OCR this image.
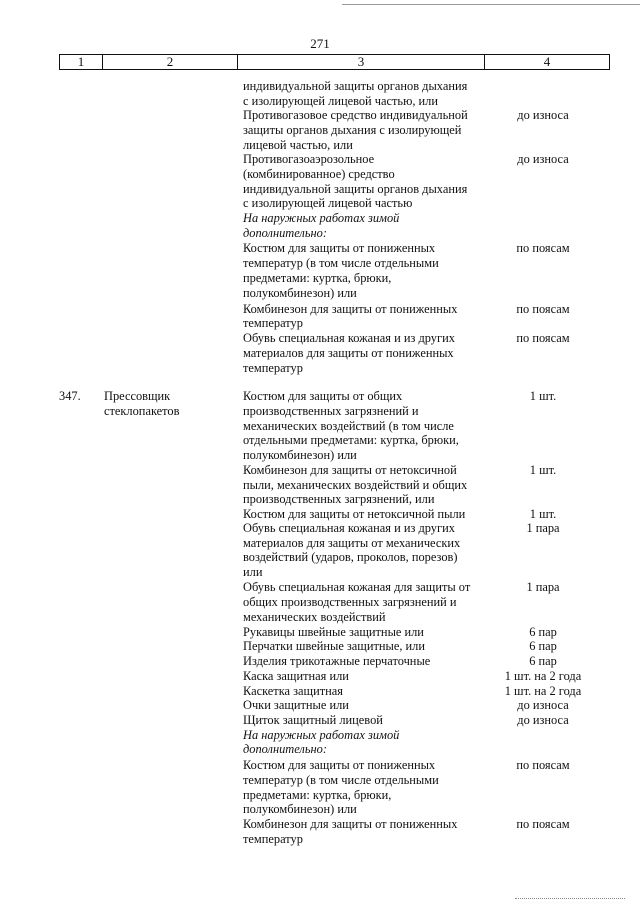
271
1	2	3	4
индивидуальной защиты органов дыхания
с изолирующей лицевой частью, или
Противогазовое средство индивидуальной	до износа
защиты органов дыхания с изолирующей
лицевой частью, или
Противогазоаэрозольное	до износа
(комбинированное) средство
индивидуальной защиты органов дыхания
с изолирующей лицевой частью
На наружных работах зимой
дополнительно:
Костюм для защиты от пониженных	по поясам
температур (в том числе отдельными
предметами: куртка, брюки,
полукомбинезон) или
Комбинезон для защиты от пониженных	по поясам
температур
Обувь специальная кожаная и из других	по поясам
материалов для защиты от пониженных
температур
347. Прессовщик
стеклопакетов
Костюм для защиты от общих	1 шт.
производственных загрязнений и
механических воздействий (в том числе
отдельными предметами: куртка, брюки,
полукомбинезон) или
Комбинезон для защиты от нетоксичной	1 шт.
пыли, механических воздействий и общих
производственных загрязнений, или
Костюм для защиты от нетоксичной пыли	1 шт.
Обувь специальная кожаная и из других	1 пара
материалов для защиты от механических
воздействий (ударов, проколов, порезов)
или
Обувь специальная кожаная для защиты от	1 пара
общих производственных загрязнений и
механических воздействий
Рукавицы швейные защитные или	6 пар
Перчатки швейные защитные, или	6 пар
Изделия трикотажные перчаточные	6 пар
Каска защитная или	1 шт. на 2 года
Каскетка защитная	1 шт. на 2 года
Очки защитные или	до износа
Щиток защитный лицевой	до износа
На наружных работах зимой
дополнительно:
Костюм для защиты от пониженных	по поясам
температур (в том числе отдельными
предметами: куртка, брюки,
полукомбинезон) или
Комбинезон для защиты от пониженных	по поясам
температур
